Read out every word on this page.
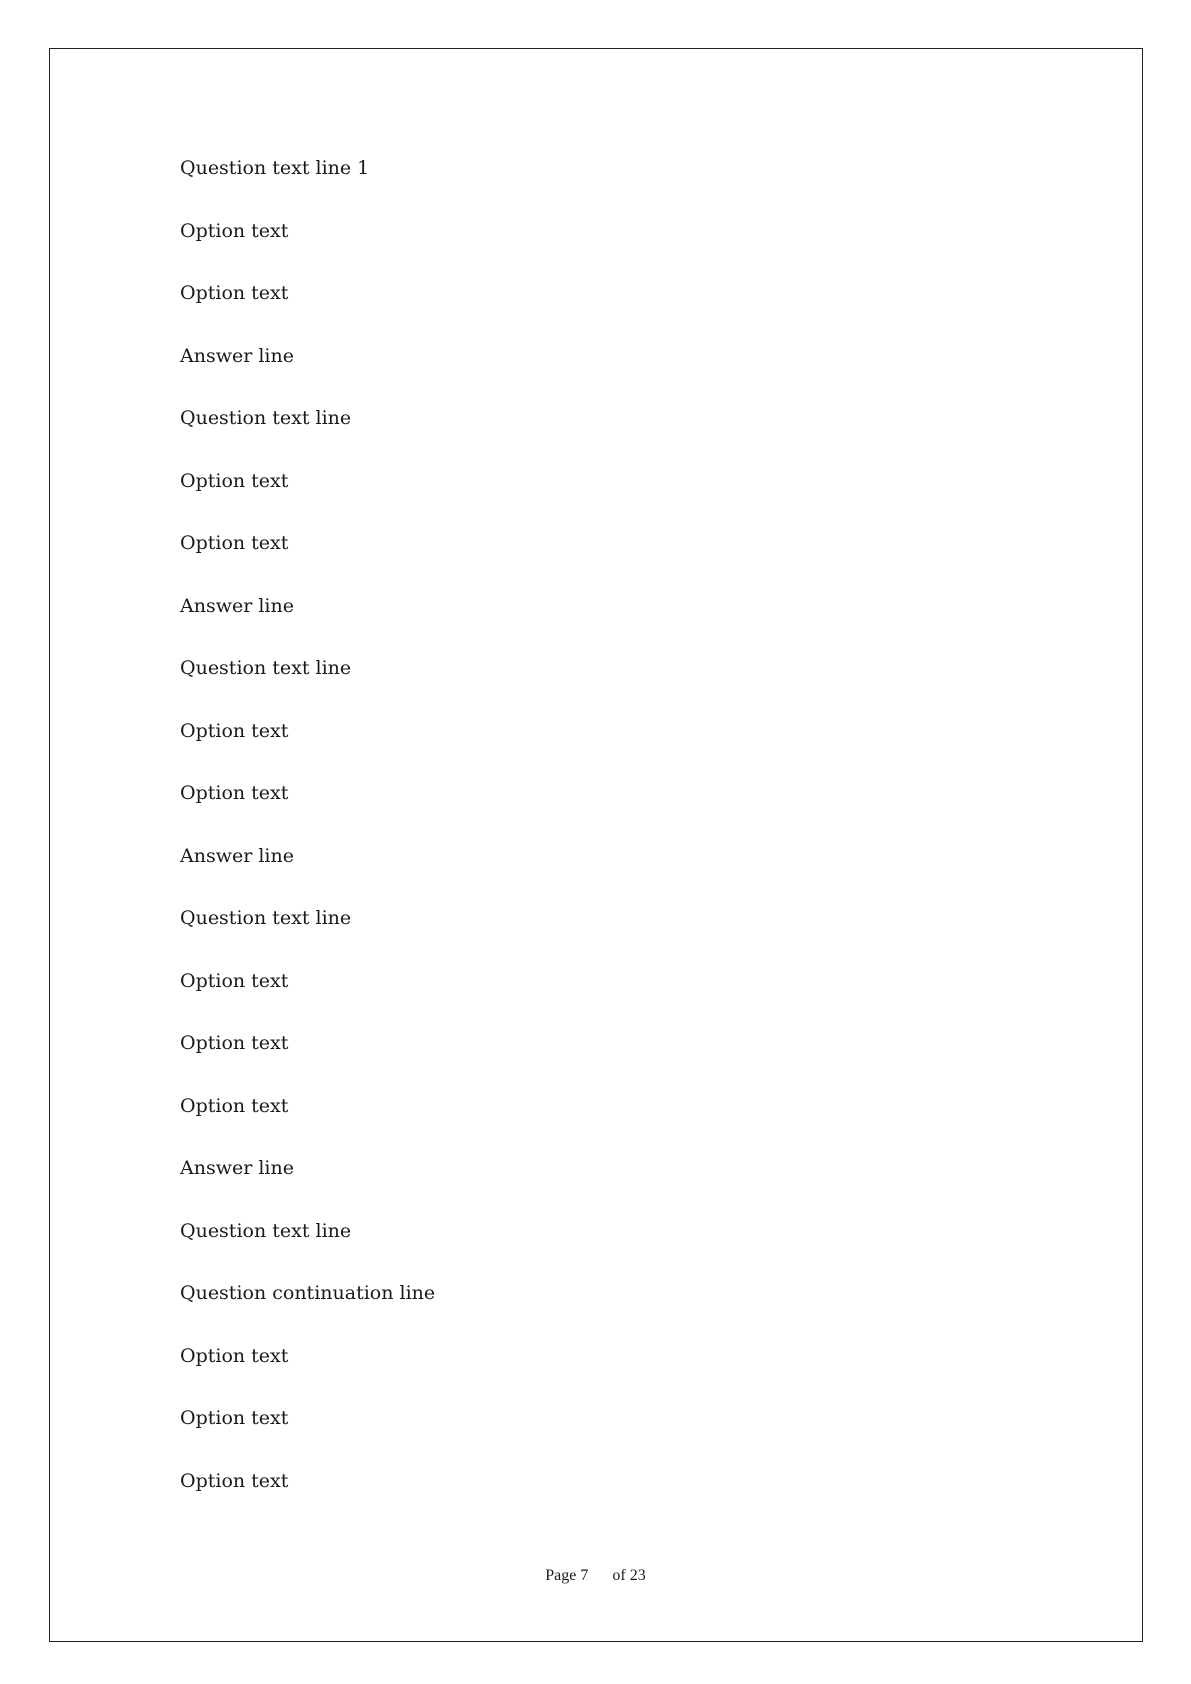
Question text line 1
Option text
Option text
Answer line
Question text line
Option text
Option text
Answer line
Question text line
Option text
Option text
Answer line
Question text line
Option text
Option text
Option text
Answer line
Question text line
Question continuation line
Option text
Option text
Option text
Page 7 of 23
